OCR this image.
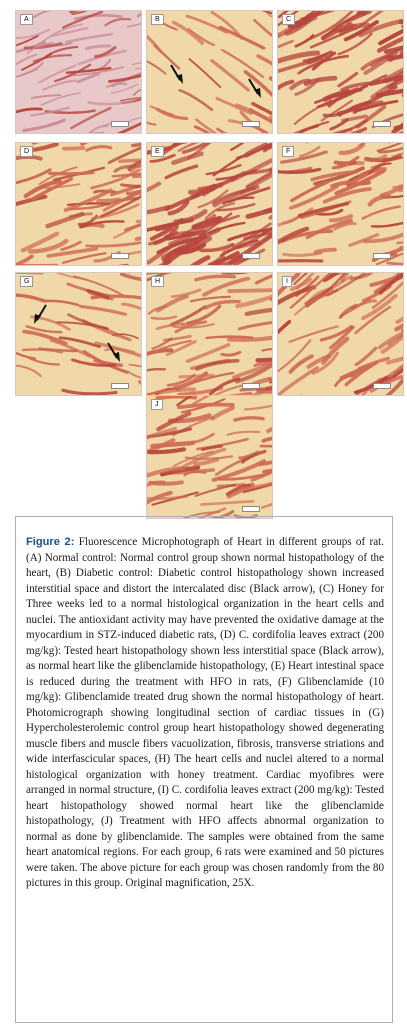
A	B	C
D	E	F
G	H	I
J

Figure 2: Fluorescence Microphotograph of Heart in different groups of rat. (A) Normal control: Normal control group shown normal histopathology of the heart, (B) Diabetic control: Diabetic control histopathology shown increased interstitial space and distort the intercalated disc (Black arrow), (C) Honey for Three weeks led to a normal histological organization in the heart cells and nuclei. The antioxidant activity may have prevented the oxidative damage at the myocardium in STZ-induced diabetic rats, (D) C. cordifolia leaves extract (200 mg/kg): Tested heart histopathology shown less interstitial space (Black arrow), as normal heart like the glibenclamide histopathology, (E) Heart intestinal space is reduced during the treatment with HFO in rats, (F) Glibenclamide (10 mg/kg): Glibenclamide treated drug shown the normal histopathology of heart. Photomicrograph showing longitudinal section of cardiac tissues in (G) Hypercholesterolemic control group heart histopathology showed degenerating muscle fibers and muscle fibers vacuolization, fibrosis, transverse striations and wide interfascicular spaces, (H) The heart cells and nuclei altered to a normal histological organization with honey treatment. Cardiac myofibres were arranged in normal structure, (I) C. cordifolia leaves extract (200 mg/kg): Tested heart histopathology showed normal heart like the glibenclamide histopathology, (J) Treatment with HFO affects abnormal organization to normal as done by glibenclamide. The samples were obtained from the same heart anatomical regions. For each group, 6 rats were examined and 50 pictures were taken. The above picture for each group was chosen randomly from the 80 pictures in this group. Original magnification, 25X.
